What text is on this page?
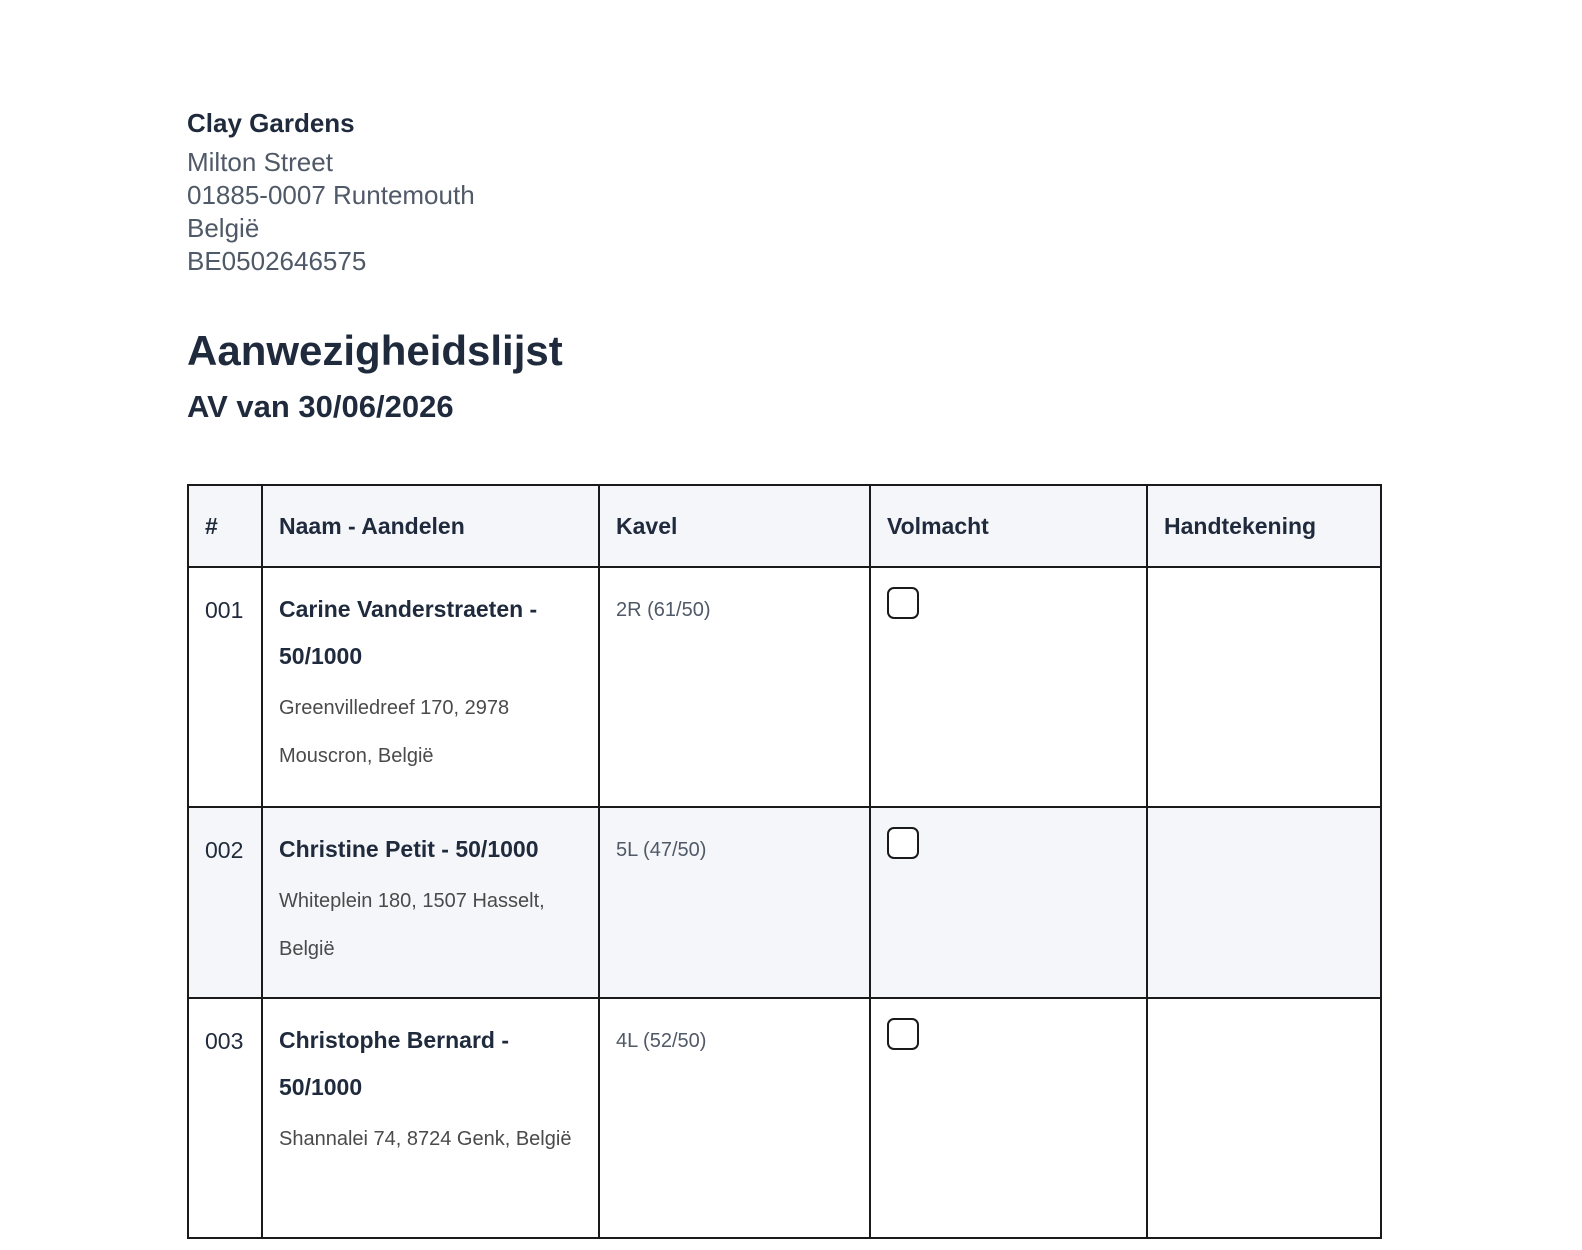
Clay Gardens
Milton Street
01885-0007 Runtemouth
België
BE0502646575
Aanwezigheidslijst
AV van 30/06/2026
#	Naam - Aandelen	Kavel	Volmacht	Handtekening

001	Carine Vanderstraeten - 50/1000
Greenvilledreef 170, 2978 Mouscron, België	2R (61/50)		

002	Christine Petit - 50/1000
Whiteplein 180, 1507 Hasselt, België	5L (47/50)		

003	Christophe Bernard - 50/1000
Shannalei 74, 8724 Genk, België	4L (52/50)		
